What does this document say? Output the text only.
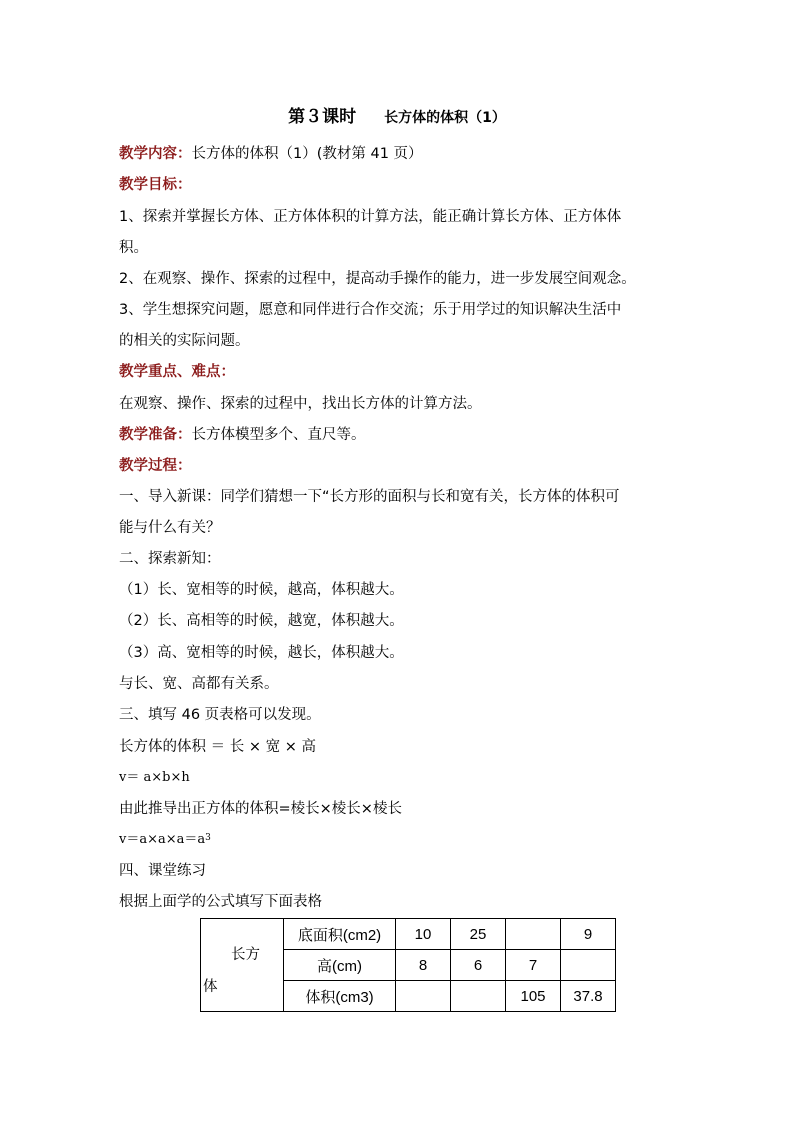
第３课时 长方体的体积（1）
教学内容：长方体的体积（1）(教材第 41 页）
教学目标：
1、探索并掌握长方体、正方体体积的计算方法，能正确计算长方体、正方体体
积。
2、在观察、操作、探索的过程中，提高动手操作的能力，进一步发展空间观念。
3、学生想探究问题，愿意和同伴进行合作交流；乐于用学过的知识解决生活中
的相关的实际问题。
教学重点、难点：
在观察、操作、探索的过程中，找出长方体的计算方法。
教学准备：长方体模型多个、直尺等。
教学过程：
一、导入新课：同学们猜想一下“长方形的面积与长和宽有关，长方体的体积可
能与什么有关？
二、探索新知：
（1）长、宽相等的时候，越高，体积越大。
（2）长、高相等的时候，越宽，体积越大。
（3）高、宽相等的时候，越长，体积越大。
与长、宽、高都有关系。
三、填写 46 页表格可以发现。
长方体的体积 ＝ 长 × 宽 × 高
v＝ a×b×h
由此推导出正方体的体积=棱长×棱长×棱长
$v=a\times a\times a=a^3$
四、课堂练习
根据上面学的公式填写下面表格
长方
体	底面积(cm2)	10	25		9
	高(cm)	8	6	7	
	体积(cm3)			105	37.8
